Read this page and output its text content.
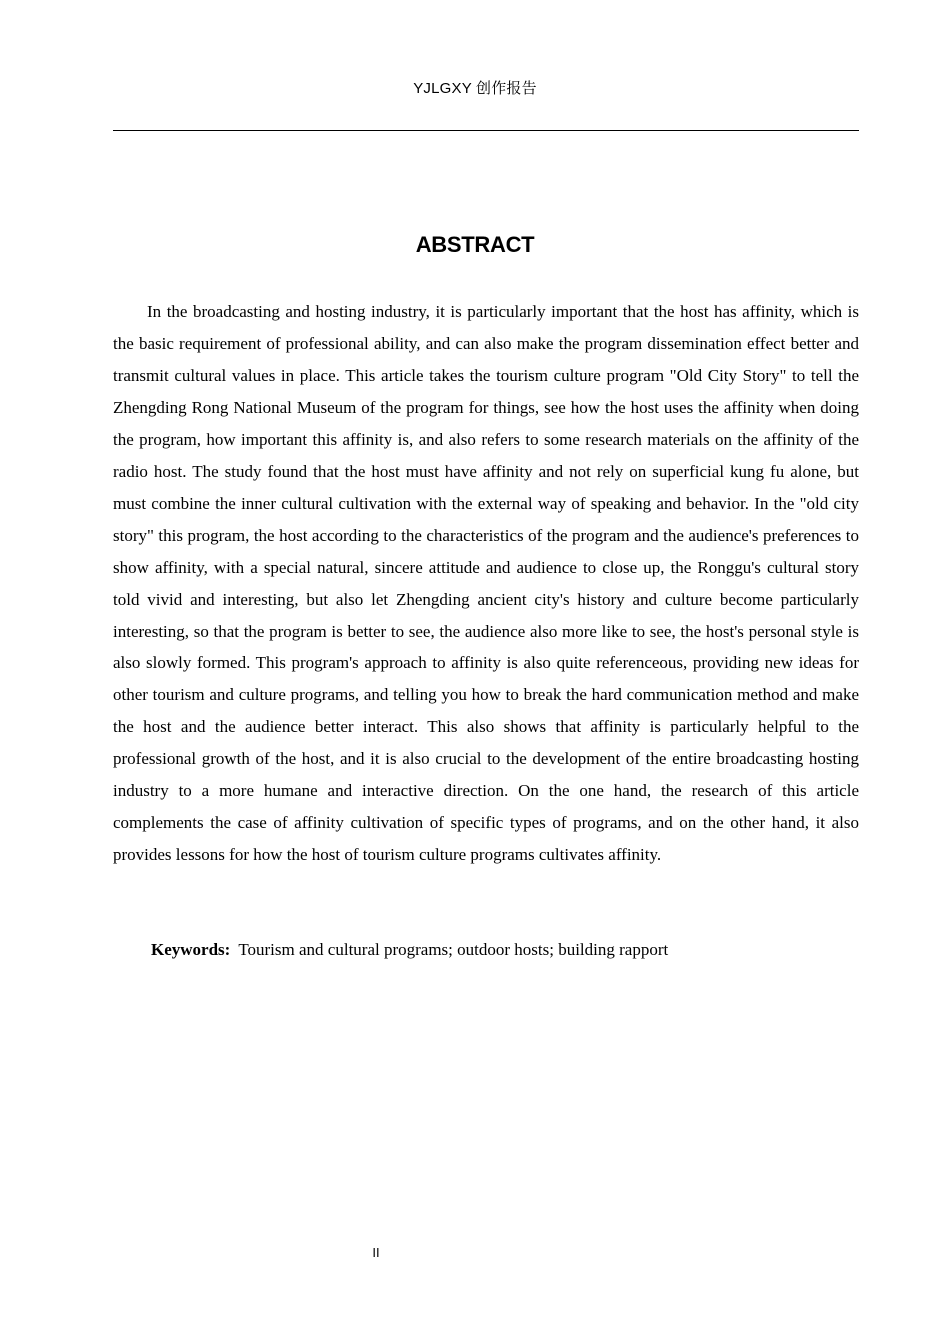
YJLGXY 创作报告
ABSTRACT

In the broadcasting and hosting industry, it is particularly important that the host has affinity, which is the basic requirement of professional ability, and can also make the program dissemination effect better and transmit cultural values in place. This article takes the tourism culture program "Old City Story" to tell the Zhengding Rong National Museum of the program for things, see how the host uses the affinity when doing the program, how important this affinity is, and also refers to some research materials on the affinity of the radio host. The study found that the host must have affinity and not rely on superficial kung fu alone, but must combine the inner cultural cultivation with the external way of speaking and behavior. In the "old city story" this program, the host according to the characteristics of the program and the audience's preferences to show affinity, with a special natural, sincere attitude and audience to close up, the Ronggu's cultural story told vivid and interesting, but also let Zhengding ancient city's history and culture become particularly interesting, so that the program is better to see, the audience also more like to see, the host's personal style is also slowly formed. This program's approach to affinity is also quite referenceous, providing new ideas for other tourism and culture programs, and telling you how to break the hard communication method and make the host and the audience better interact. This also shows that affinity is particularly helpful to the professional growth of the host, and it is also crucial to the development of the entire broadcasting hosting industry to a more humane and interactive direction. On the one hand, the research of this article complements the case of affinity cultivation of specific types of programs, and on the other hand, it also provides lessons for how the host of tourism culture programs cultivates affinity.

Keywords: Tourism and cultural programs; outdoor hosts; building rapport

II
